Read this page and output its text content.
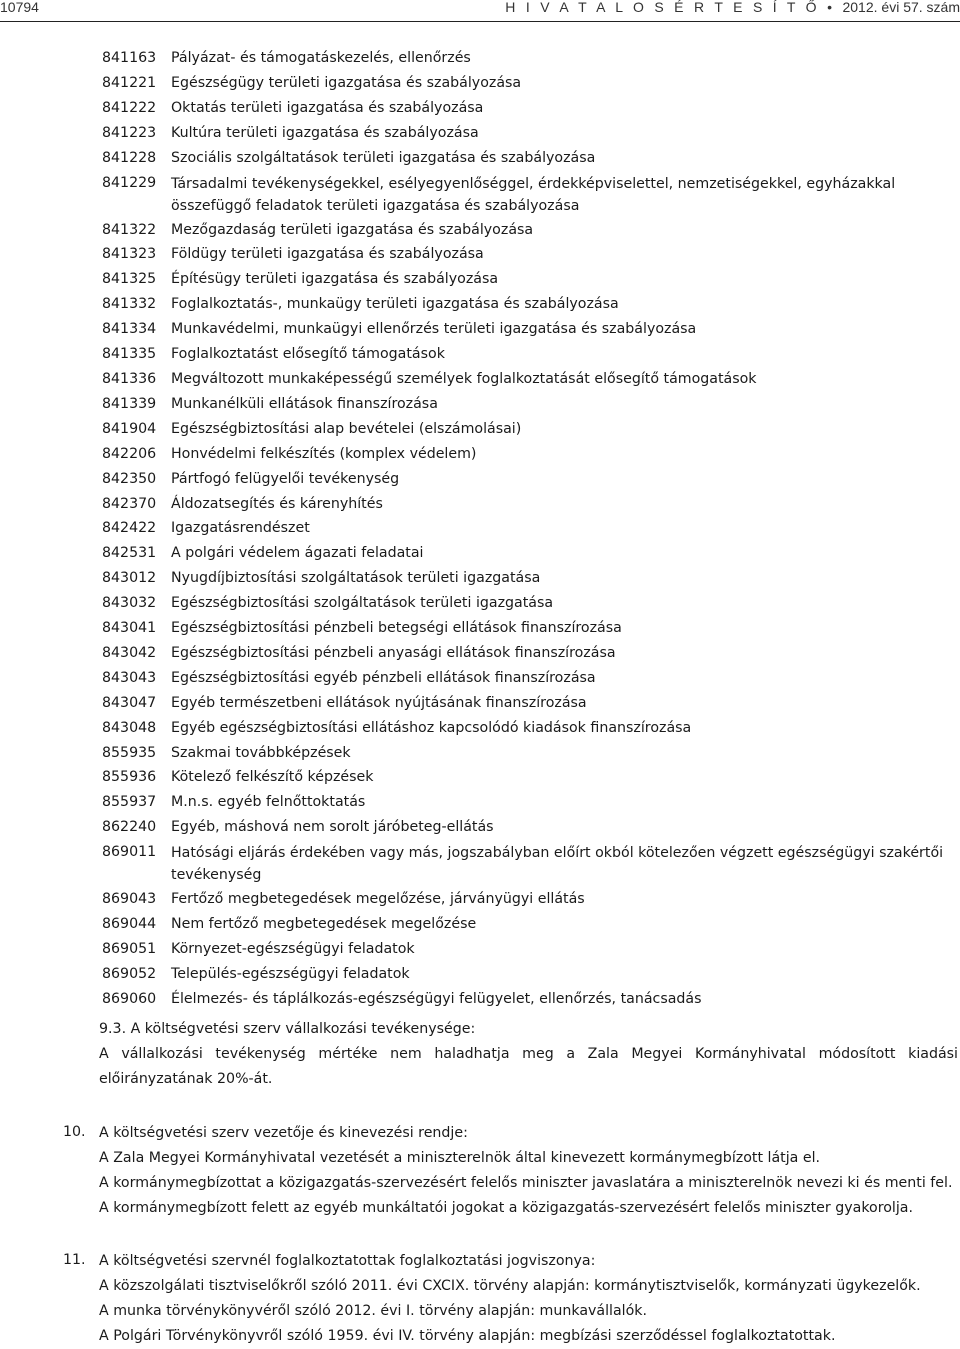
10794	H I V A T A L O S É R T E S Í T Ő • 2012. évi 57. szám
841163	Pályázat- és támogatáskezelés, ellenőrzés
841221	Egészségügy területi igazgatása és szabályozása
841222	Oktatás területi igazgatása és szabályozása
841223	Kultúra területi igazgatása és szabályozása
841228	Szociális szolgáltatások területi igazgatása és szabályozása
841229	Társadalmi tevékenységekkel, esélyegyenlőséggel, érdekképviselettel, nemzetiségekkel, egyházakkal összefüggő feladatok területi igazgatása és szabályozása
841322	Mezőgazdaság területi igazgatása és szabályozása
841323	Földügy területi igazgatása és szabályozása
841325	Építésügy területi igazgatása és szabályozása
841332	Foglalkoztatás-, munkaügy területi igazgatása és szabályozása
841334	Munkavédelmi, munkaügyi ellenőrzés területi igazgatása és szabályozása
841335	Foglalkoztatást elősegítő támogatások
841336	Megváltozott munkaképességű személyek foglalkoztatását elősegítő támogatások
841339	Munkanélküli ellátások finanszírozása
841904	Egészségbiztosítási alap bevételei (elszámolásai)
842206	Honvédelmi felkészítés (komplex védelem)
842350	Pártfogó felügyelői tevékenység
842370	Áldozatsegítés és kárenyhítés
842422	Igazgatásrendészet
842531	A polgári védelem ágazati feladatai
843012	Nyugdíjbiztosítási szolgáltatások területi igazgatása
843032	Egészségbiztosítási szolgáltatások területi igazgatása
843041	Egészségbiztosítási pénzbeli betegségi ellátások finanszírozása
843042	Egészségbiztosítási pénzbeli anyasági ellátások finanszírozása
843043	Egészségbiztosítási egyéb pénzbeli ellátások finanszírozása
843047	Egyéb természetbeni ellátások nyújtásának finanszírozása
843048	Egyéb egészségbiztosítási ellátáshoz kapcsolódó kiadások finanszírozása
855935	Szakmai továbbképzések
855936	Kötelező felkészítő képzések
855937	M.n.s. egyéb felnőttoktatás
862240	Egyéb, máshová nem sorolt járóbeteg-ellátás
869011	Hatósági eljárás érdekében vagy más, jogszabályban előírt okból kötelezően végzett egészségügyi szakértői tevékenység
869043	Fertőző megbetegedések megelőzése, járványügyi ellátás
869044	Nem fertőző megbetegedések megelőzése
869051	Környezet-egészségügyi feladatok
869052	Település-egészségügyi feladatok
869060	Élelmezés- és táplálkozás-egészségügyi felügyelet, ellenőrzés, tanácsadás
9.3. A költségvetési szerv vállalkozási tevékenysége:
A vállalkozási tevékenység mértéke nem haladhatja meg a Zala Megyei Kormányhivatal módosított kiadási előirányzatának 20%-át.
10. A költségvetési szerv vezetője és kinevezési rendje:
A Zala Megyei Kormányhivatal vezetését a miniszterelnök által kinevezett kormánymegbízott látja el.
A kormánymegbízottat a közigazgatás-szervezésért felelős miniszter javaslatára a miniszterelnök nevezi ki és menti fel.
A kormánymegbízott felett az egyéb munkáltatói jogokat a közigazgatás-szervezésért felelős miniszter gyakorolja.
11. A költségvetési szervnél foglalkoztatottak foglalkoztatási jogviszonya:
A közszolgálati tisztviselőkről szóló 2011. évi CXCIX. törvény alapján: kormánytisztviselők, kormányzati ügykezelők.
A munka törvénykönyvéről szóló 2012. évi I. törvény alapján: munkavállalók.
A Polgári Törvénykönyvről szóló 1959. évi IV. törvény alapján: megbízási szerződéssel foglalkoztatottak.
